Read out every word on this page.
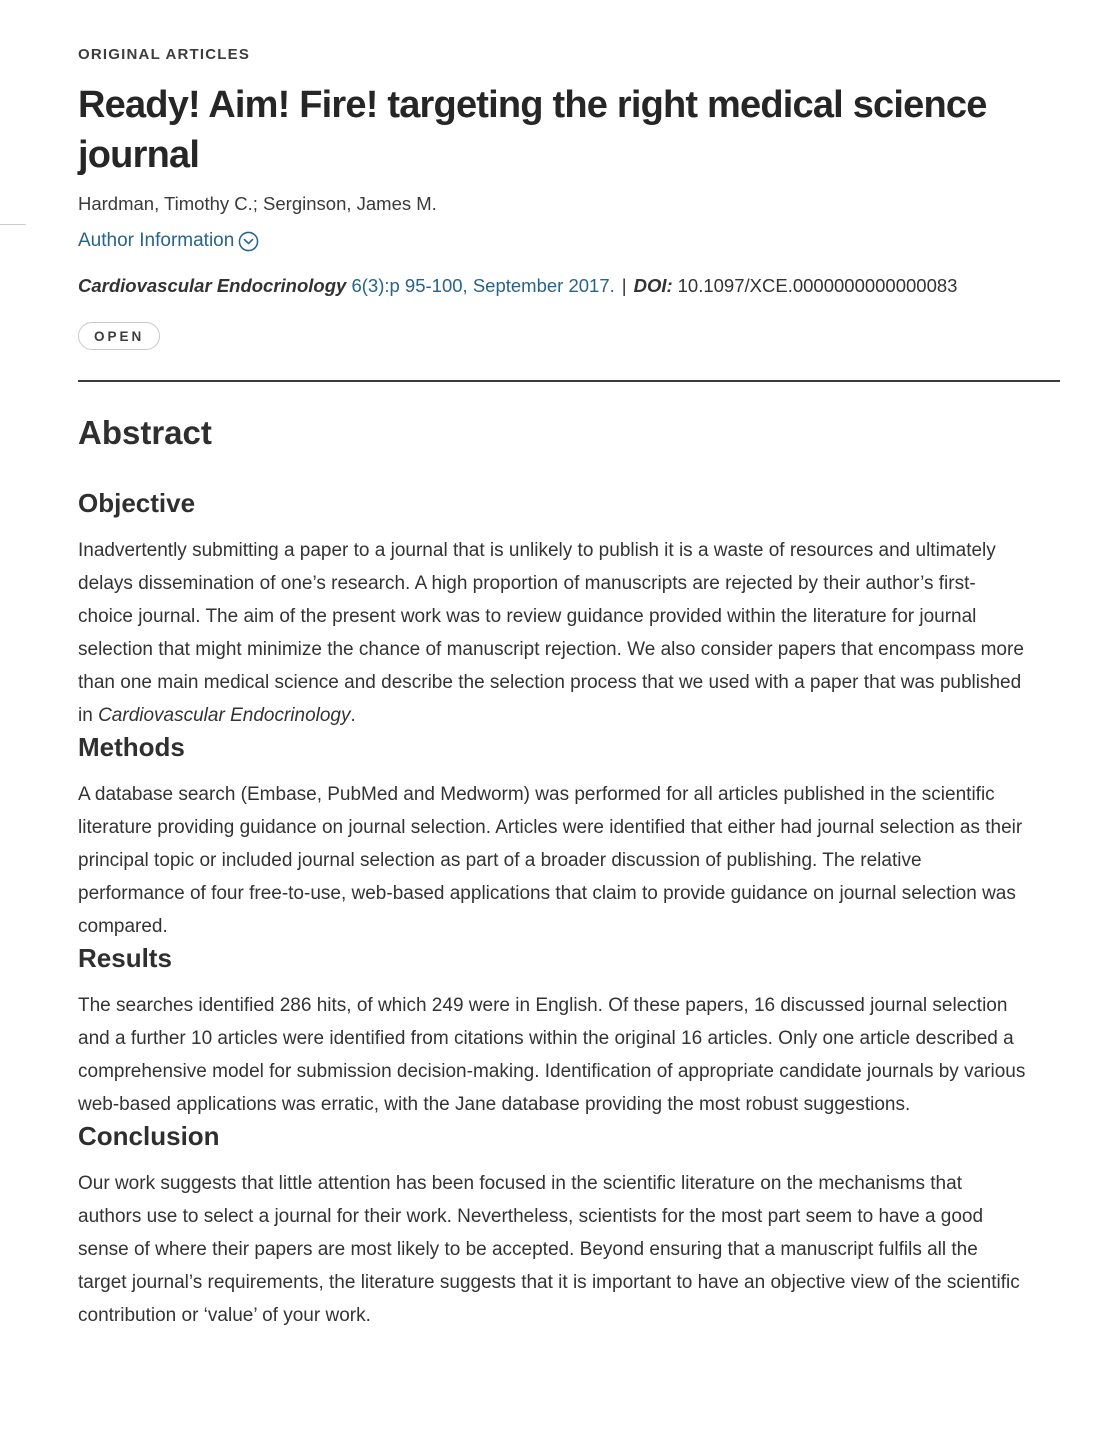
ORIGINAL ARTICLES
Ready! Aim! Fire! targeting the right medical science journal
Hardman, Timothy C.; Serginson, James M.
Author Information
Cardiovascular Endocrinology 6(3):p 95-100, September 2017. | DOI: 10.1097/XCE.0000000000000083
OPEN
Abstract
Objective

Inadvertently submitting a paper to a journal that is unlikely to publish it is a waste of resources and ultimately delays dissemination of one’s research. A high proportion of manuscripts are rejected by their author’s first-choice journal. The aim of the present work was to review guidance provided within the literature for journal selection that might minimize the chance of manuscript rejection. We also consider papers that encompass more than one main medical science and describe the selection process that we used with a paper that was published in Cardiovascular Endocrinology.

Methods

A database search (Embase, PubMed and Medworm) was performed for all articles published in the scientific literature providing guidance on journal selection. Articles were identified that either had journal selection as their principal topic or included journal selection as part of a broader discussion of publishing. The relative performance of four free-to-use, web-based applications that claim to provide guidance on journal selection was compared.

Results

The searches identified 286 hits, of which 249 were in English. Of these papers, 16 discussed journal selection and a further 10 articles were identified from citations within the original 16 articles. Only one article described a comprehensive model for submission decision-making. Identification of appropriate candidate journals by various web-based applications was erratic, with the Jane database providing the most robust suggestions.

Conclusion

Our work suggests that little attention has been focused in the scientific literature on the mechanisms that authors use to select a journal for their work. Nevertheless, scientists for the most part seem to have a good sense of where their papers are most likely to be accepted. Beyond ensuring that a manuscript fulfils all the target journal’s requirements, the literature suggests that it is important to have an objective view of the scientific contribution or ‘value’ of your work.
